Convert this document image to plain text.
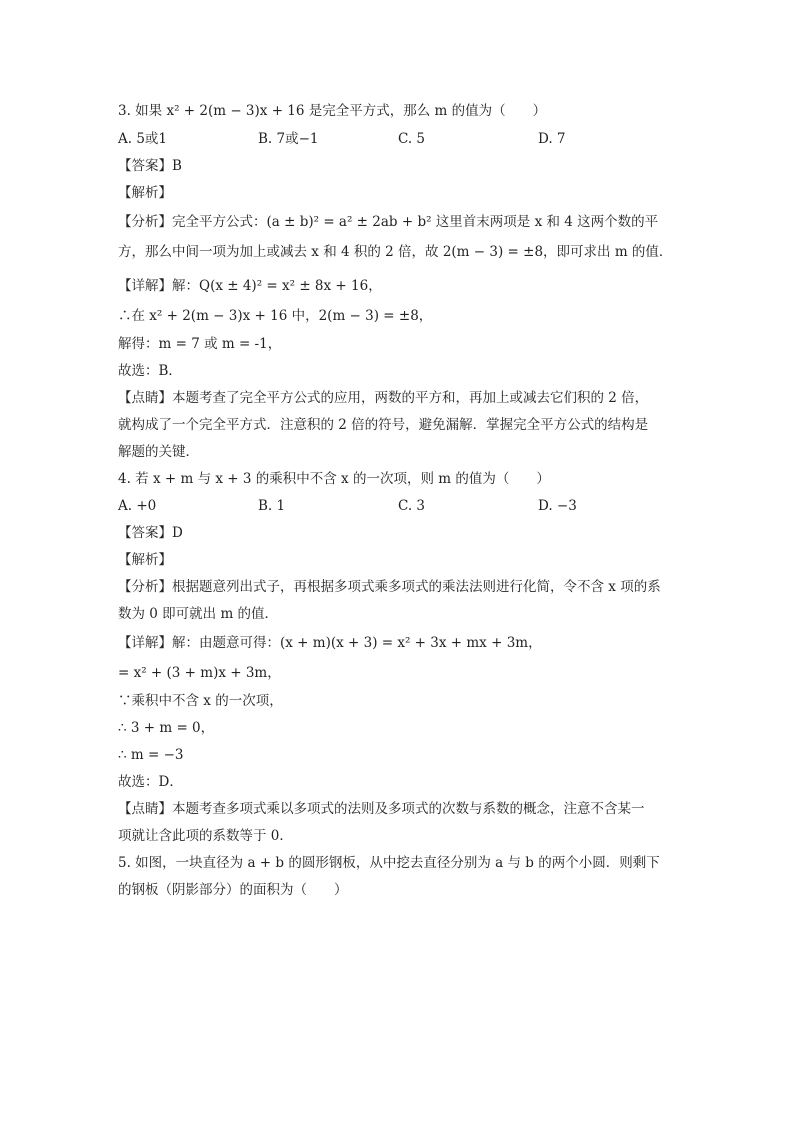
3. 如果 x² + 2(m − 3)x + 16 是完全平方式，那么 m 的值为（　　）
A. 5或1	B. 7或−1	C. 5	D. 7
【答案】B
【解析】
【分析】完全平方公式：(a ± b)² = a² ± 2ab + b² 这里首末两项是 x 和 4 这两个数的平
方，那么中间一项为加上或减去 x 和 4 积的 2 倍，故 2(m − 3) = ±8，即可求出 m 的值．
【详解】解：Q(x ± 4)² = x² ± 8x + 16，
∴在 x² + 2(m − 3)x + 16 中，2(m − 3) = ±8，
解得：m = 7 或 m = -1，
故选：B．
【点睛】本题考查了完全平方公式的应用，两数的平方和，再加上或减去它们积的 2 倍，
就构成了一个完全平方式．注意积的 2 倍的符号，避免漏解．掌握完全平方公式的结构是
解题的关键．
4. 若 x + m 与 x + 3 的乘积中不含 x 的一次项，则 m 的值为（　　）
A. +0	B. 1	C. 3	D. −3
【答案】D
【解析】
【分析】根据题意列出式子，再根据多项式乘多项式的乘法法则进行化简，令不含 x 项的系
数为 0 即可就出 m 的值．
【详解】解：由题意可得：(x + m)(x + 3) = x² + 3x + mx + 3m，
= x² + (3 + m)x + 3m，
∵乘积中不含 x 的一次项，
∴ 3 + m = 0，
∴ m = −3
故选：D．
【点睛】本题考查多项式乘以多项式的法则及多项式的次数与系数的概念，注意不含某一
项就让含此项的系数等于 0．
5. 如图，一块直径为 a + b 的圆形钢板，从中挖去直径分别为 a 与 b 的两个小圆．则剩下
的钢板（阴影部分）的面积为（　　）
